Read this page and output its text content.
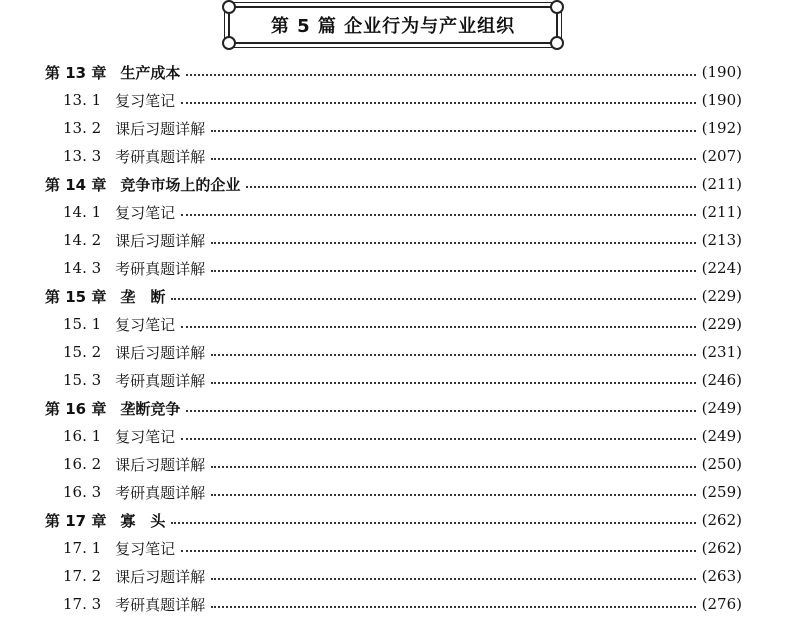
第 5 篇 企业行为与产业组织
第 13 章 生产成本	(190)
13. 1 复习笔记	(190)
13. 2 课后习题详解	(192)
13. 3 考研真题详解	(207)
第 14 章 竞争市场上的企业	(211)
14. 1 复习笔记	(211)
14. 2 课后习题详解	(213)
14. 3 考研真题详解	(224)
第 15 章 垄　断	(229)
15. 1 复习笔记	(229)
15. 2 课后习题详解	(231)
15. 3 考研真题详解	(246)
第 16 章 垄断竞争	(249)
16. 1 复习笔记	(249)
16. 2 课后习题详解	(250)
16. 3 考研真题详解	(259)
第 17 章 寡　头	(262)
17. 1 复习笔记	(262)
17. 2 课后习题详解	(263)
17. 3 考研真题详解	(276)
